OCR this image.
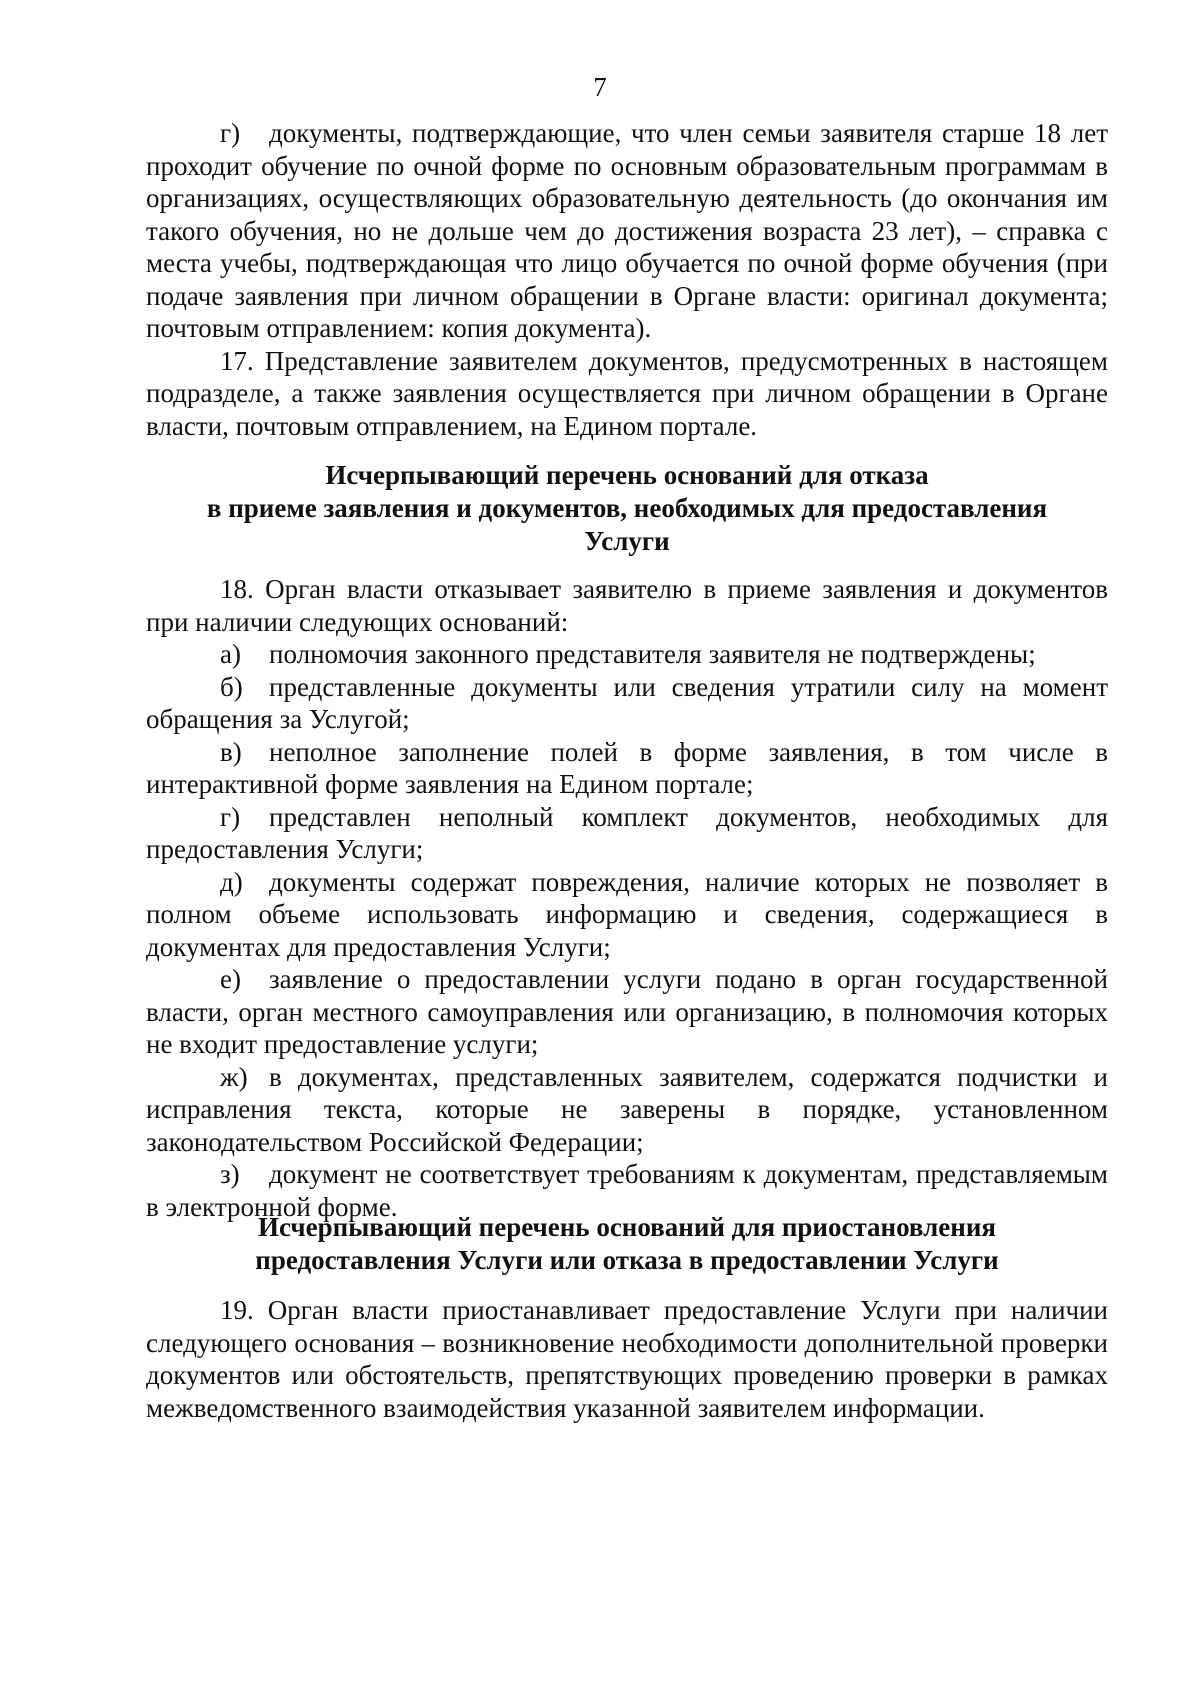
7

г) документы, подтверждающие, что член семьи заявителя старше 18 лет проходит обучение по очной форме по основным образовательным программам в организациях, осуществляющих образовательную деятельность (до окончания им такого обучения, но не дольше чем до достижения возраста 23 лет), – справка с места учебы, подтверждающая что лицо обучается по очной форме обучения (при подаче заявления при личном обращении в Органе власти: оригинал документа; почтовым отправлением: копия документа).

17. Представление заявителем документов, предусмотренных в настоящем подразделе, а также заявления осуществляется при личном обращении в Органе власти, почтовым отправлением, на Едином портале.

Исчерпывающий перечень оснований для отказа
в приеме заявления и документов, необходимых для предоставления
Услуги

18. Орган власти отказывает заявителю в приеме заявления и документов при наличии следующих оснований:

а) полномочия законного представителя заявителя не подтверждены;

б) представленные документы или сведения утратили силу на момент обращения за Услугой;

в) неполное заполнение полей в форме заявления, в том числе в интерактивной форме заявления на Едином портале;

г) представлен неполный комплект документов, необходимых для предоставления Услуги;

д) документы содержат повреждения, наличие которых не позволяет в полном объеме использовать информацию и сведения, содержащиеся в документах для предоставления Услуги;

е) заявление о предоставлении услуги подано в орган государственной власти, орган местного самоуправления или организацию, в полномочия которых не входит предоставление услуги;

ж) в документах, представленных заявителем, содержатся подчистки и исправления текста, которые не заверены в порядке, установленном законодательством Российской Федерации;

з) документ не соответствует требованиям к документам, представляемым в электронной форме.

Исчерпывающий перечень оснований для приостановления
предоставления Услуги или отказа в предоставлении Услуги

19. Орган власти приостанавливает предоставление Услуги при наличии следующего основания – возникновение необходимости дополнительной проверки документов или обстоятельств, препятствующих проведению проверки в рамках межведомственного взаимодействия указанной заявителем информации.
